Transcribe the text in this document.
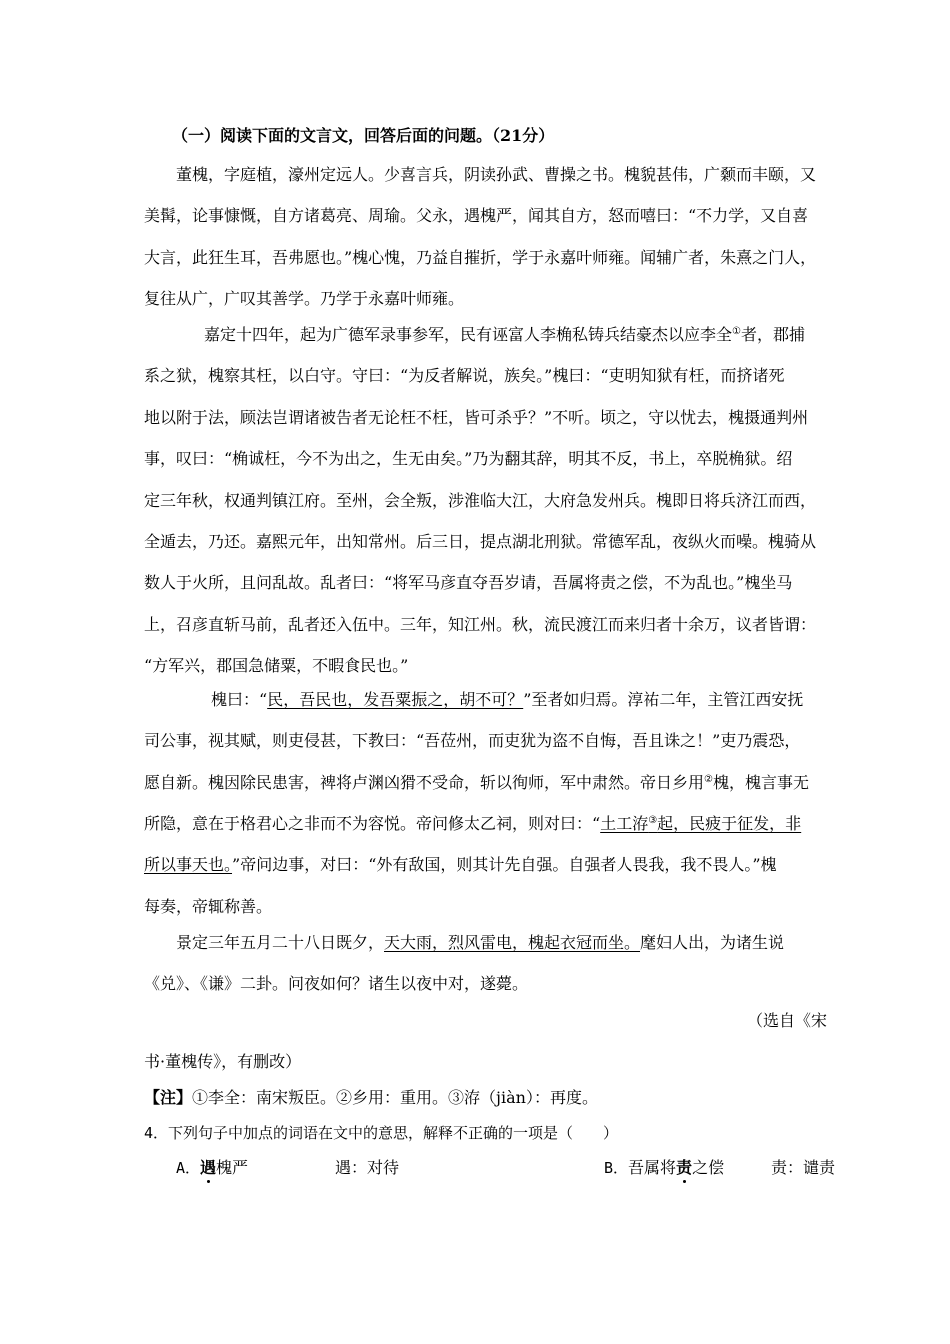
（一）阅读下面的文言文，回答后面的问题。（21分）
董槐，字庭植，濠州定远人。少喜言兵，阴读孙武、曹操之书。槐貌甚伟，广颡而丰颐，又
美髯，论事慷慨，自方诸葛亮、周瑜。父永，遇槐严，闻其自方，怒而嘻曰：“不力学，又自喜
大言，此狂生耳，吾弗愿也。”槐心愧，乃益自摧折，学于永嘉叶师雍。闻辅广者，朱熹之门人，
复往从广，广叹其善学。乃学于永嘉叶师雍。
嘉定十四年，起为广德军录事参军，民有诬富人李桷私铸兵结豪杰以应李全①者，郡捕
系之狱，槐察其枉，以白守。守曰：“为反者解说，族矣。”槐曰：“吏明知狱有枉，而挤诸死
地以附于法，顾法岂谓诸被告者无论枉不枉，皆可杀乎？”不听。顷之，守以忧去，槐摄通判州
事，叹曰：“桷诚枉，今不为出之，生无由矣。”乃为翻其辞，明其不反，书上，卒脱桷狱。绍
定三年秋，权通判镇江府。至州，会全叛，涉淮临大江，大府急发州兵。槐即日将兵济江而西，
全遁去，乃还。嘉熙元年，出知常州。后三日，提点湖北刑狱。常德军乱，夜纵火而噪。槐骑从
数人于火所，且问乱故。乱者曰：“将军马彦直夺吾岁请，吾属将责之偿，不为乱也。”槐坐马
上，召彦直斩马前，乱者还入伍中。三年，知江州。秋，流民渡江而来归者十余万，议者皆谓：
“方军兴，郡国急储粟，不暇食民也。”
槐曰：“民，吾民也，发吾粟振之，胡不可？”至者如归焉。淳祐二年，主管江西安抚
司公事，视其赋，则吏侵甚，下教曰：“吾莅州，而吏犹为盗不自悔，吾且诛之！”吏乃震恐，
愿自新。槐因除民患害，裨将卢渊凶猾不受命，斩以徇师，军中肃然。帝日乡用②槐，槐言事无
所隐，意在于格君心之非而不为容悦。帝问修太乙祠，则对曰：“土工洊③起，民疲于征发，非
所以事天也。”帝问边事，对曰：“外有敌国，则其计先自强。自强者人畏我，我不畏人。”槐
每奏，帝辄称善。
景定三年五月二十八日既夕，天大雨，烈风雷电，槐起衣冠而坐。麾妇人出，为诸生说
《兑》、《谦》二卦。问夜如何？诸生以夜中对，遂薨。
（选自《宋
书·董槐传》，有删改）
【注】①李全：南宋叛臣。②乡用：重用。③洊（jiàn）：再度。
4．下列句子中加点的词语在文中的意思，解释不正确的一项是（　　）
A．遇槐严	遇：对待	B．吾属将责之偿	责：谴责
